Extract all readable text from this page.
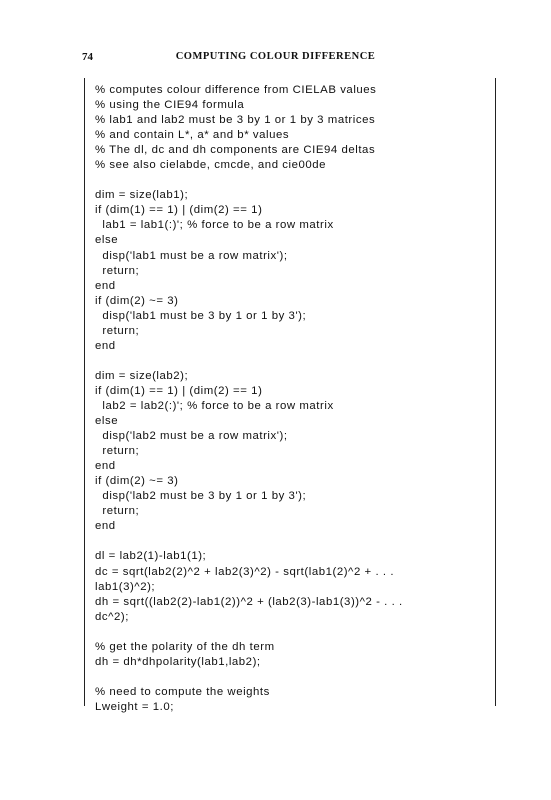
74	COMPUTING COLOUR DIFFERENCE
% computes colour difference from CIELAB values
% using the CIE94 formula
% lab1 and lab2 must be 3 by 1 or 1 by 3 matrices
% and contain L*, a* and b* values
% The dl, dc and dh components are CIE94 deltas
% see also cielabde, cmcde, and cie00de
dim = size(lab1);
if (dim(1) == 1) | (dim(2) == 1)
lab1 = lab1(:)'; % force to be a row matrix
else
disp('lab1 must be a row matrix');
return;
end
if (dim(2) ~= 3)
disp('lab1 must be 3 by 1 or 1 by 3');
return;
end
dim = size(lab2);
if (dim(1) == 1) | (dim(2) == 1)
lab2 = lab2(:)'; % force to be a row matrix
else
disp('lab2 must be a row matrix');
return;
end
if (dim(2) ~= 3)
disp('lab2 must be 3 by 1 or 1 by 3');
return;
end
dl = lab2(1)-lab1(1);
dc = sqrt(lab2(2)^2 + lab2(3)^2) - sqrt(lab1(2)^2 + . . .
lab1(3)^2);
dh = sqrt((lab2(2)-lab1(2))^2 + (lab2(3)-lab1(3))^2 - . . .
dc^2);
% get the polarity of the dh term
dh = dh*dhpolarity(lab1,lab2);
% need to compute the weights
Lweight = 1.0;
